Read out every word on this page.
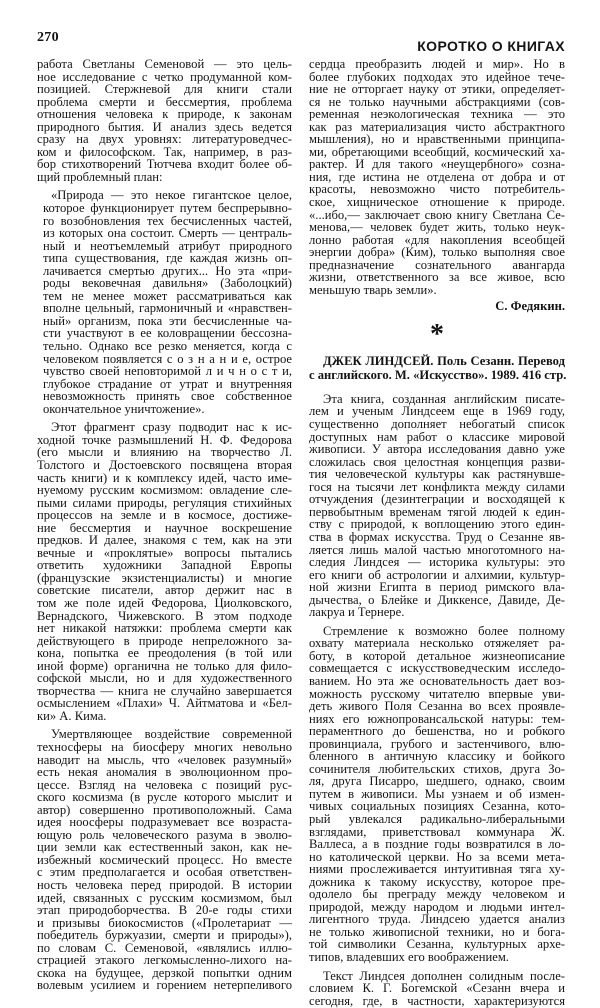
270
КОРОТКО О КНИГАХ
работа Светланы Семеновой — это цель-
ное исследование с четко продуманной ком-
позицией. Стержневой для книги стали
проблема смерти и бессмертия, проблема
отношения человека к природе, к законам
природного бытия. И анализ здесь ведется
сразу на двух уровнях: литературоведчес-
ком и философском. Так, например, в раз-
бор стихотворений Тютчева входит более об-
щий проблемный план:
«Природа — это некое гигантское целое,
которое функционирует путем беспрерывно-
го возобновления тех бесчисленных частей,
из которых она состоит. Смерть — централь-
ный и неотъемлемый атрибут природного
типа существования, где каждая жизнь оп-
лачивается смертью других... Но эта «при-
роды вековечная давильня» (Заболоцкий)
тем не менее может рассматриваться как
вполне цельный, гармоничный и «нравствен-
ный» организм, пока эти бесчисленные ча-
сти участвуют в ее коловращении бессозна-
тельно. Однако все резко меняется, когда с
человеком появляется с о з н а н и е, острое
чувство своей неповторимой л и ч н о с т и,
глубокое страдание от утрат и внутренняя
невозможность принять свое собственное
окончательное уничтожение».
Этот фрагмент сразу подводит нас к ис-
ходной точке размышлений Н. Ф. Федорова
(его мысли и влиянию на творчество Л.
Толстого и Достоевского посвящена вторая
часть книги) и к комплексу идей, часто име-
нуемому русским космизмом: овладение сле-
пыми силами природы, регуляция стихийных
процессов на земле и в космосе, достиже-
ние бессмертия и научное воскрешение
предков. И далее, знакомя с тем, как на эти
вечные и «проклятые» вопросы пытались
ответить художники Западной Европы
(французские экзистенциалисты) и многие
советские писатели, автор держит нас в
том же поле идей Федорова, Циолковского,
Вернадского, Чижевского. В этом подходе
нет никакой натяжки: проблема смерти как
действующего в природе непреложного за-
кона, попытка ее преодоления (в той или
иной форме) органична не только для фило-
софской мысли, но и для художественного
творчества — книга не случайно завершается
осмыслением «Плахи» Ч. Айтматова и «Бел-
ки» А. Кима.
Умертвляющее воздействие современной
техносферы на биосферу многих невольно
наводит на мысль, что «человек разумный»
есть некая аномалия в эволюционном про-
цессе. Взгляд на человека с позиций рус-
ского космизма (в русле которого мыслит и
автор) совершенно противоположный. Сама
идея ноосферы подразумевает все возраста-
ющую роль человеческого разума в эволю-
ции земли как естественный закон, как не-
избежный космический процесс. Но вместе
с этим предполагается и особая ответствен-
ность человека перед природой. В истории
идей, связанных с русским космизмом, был
этап природоборчества. В 20-е годы стихи
и призывы биокосмистов («Пролетариат —
победитель буржуазии, смерти и природы»),
по словам С. Семеновой, «являлись иллю-
страцией этакого легкомысленно-лихого на-
скока на будущее, дерзкой попытки одним
волевым усилием и горением нетерпеливого
сердца преобразить людей и мир». Но в
более глубоких подходах это идейное тече-
ние не отторгает науку от этики, определяет-
ся не только научными абстракциями (сов-
ременная неэкологическая техника — это
как раз материализация чисто абстрактного
мышления), но и нравственными принципа-
ми, обретающими всеобщий, космический ха-
рактер. И для такого «неущербного» созна-
ния, где истина не отделена от добра и от
красоты, невозможно чисто потребитель-
ское, хищническое отношение к природе.
«...ибо,— заключает свою книгу Светлана Се-
менова,— человек будет жить, только неук-
лонно работая «для накопления всеобщей
энергии добра» (Ким), только выполняя свое
предназначение сознательного авангарда
жизни, ответственного за все живое, всю
меньшую тварь земли».
С. Федякин.
*
ДЖЕК ЛИНДСЕЙ. Поль Сезанн. Перевод
с английского. М. «Искусство». 1989. 416 стр.
Эта книга, созданная английским писате-
лем и ученым Линдсеем еще в 1969 году,
существенно дополняет небогатый список
доступных нам работ о классике мировой
живописи. У автора исследования давно уже
сложилась своя целостная концепция разви-
тия человеческой культуры как растянувше-
гося на тысячи лет конфликта между силами
отчуждения (дезинтеграции и восходящей к
первобытным временам тягой людей к един-
ству с природой, к воплощению этого един-
ства в формах искусства. Труд о Сезанне яв-
ляется лишь малой частью многотомного на-
следия Линдсея — историка культуры: это
его книги об астрологии и алхимии, культур-
ной жизни Египта в период римского вла-
дычества, о Блейке и Диккенсе, Давиде, Де-
лакруа и Тернере.
Стремление к возможно более полному
охвату материала несколько отяжеляет ра-
боту, в которой детальное жизнеописание
совмещается с искусствоведческим исследо-
ванием. Но эта же основательность дает воз-
можность русскому читателю впервые уви-
деть живого Поля Сезанна во всех проявле-
ниях его южнопровансальской натуры: тем-
пераментного до бешенства, но и робкого
провинциала, грубого и застенчивого, влю-
бленного в античную классику и бойкого
сочинителя любительских стихов, друга Зо-
ля, друга Писарро, шедшего, однако, своим
путем в живописи. Мы узнаем и об измен-
чивых социальных позициях Сезанна, кото-
рый увлекался радикально-либеральными
взглядами, приветствовал коммунара Ж.
Валлеса, а в поздние годы возвратился в ло-
но католической церкви. Но за всеми мета-
ниями прослеживается интуитивная тяга ху-
дожника к такому искусству, которое пре-
одолело бы преграду между человеком и
природой, между народом и людьми интел-
лигентного труда. Линдсею удается анализ
не только живописной техники, но и бога-
той символики Сезанна, культурных архе-
типов, владевших его воображением.
Текст Линдсея дополнен солидным после-
словием К. Г. Богемской «Сезанн вчера и
сегодня, где, в частности, характеризуются
